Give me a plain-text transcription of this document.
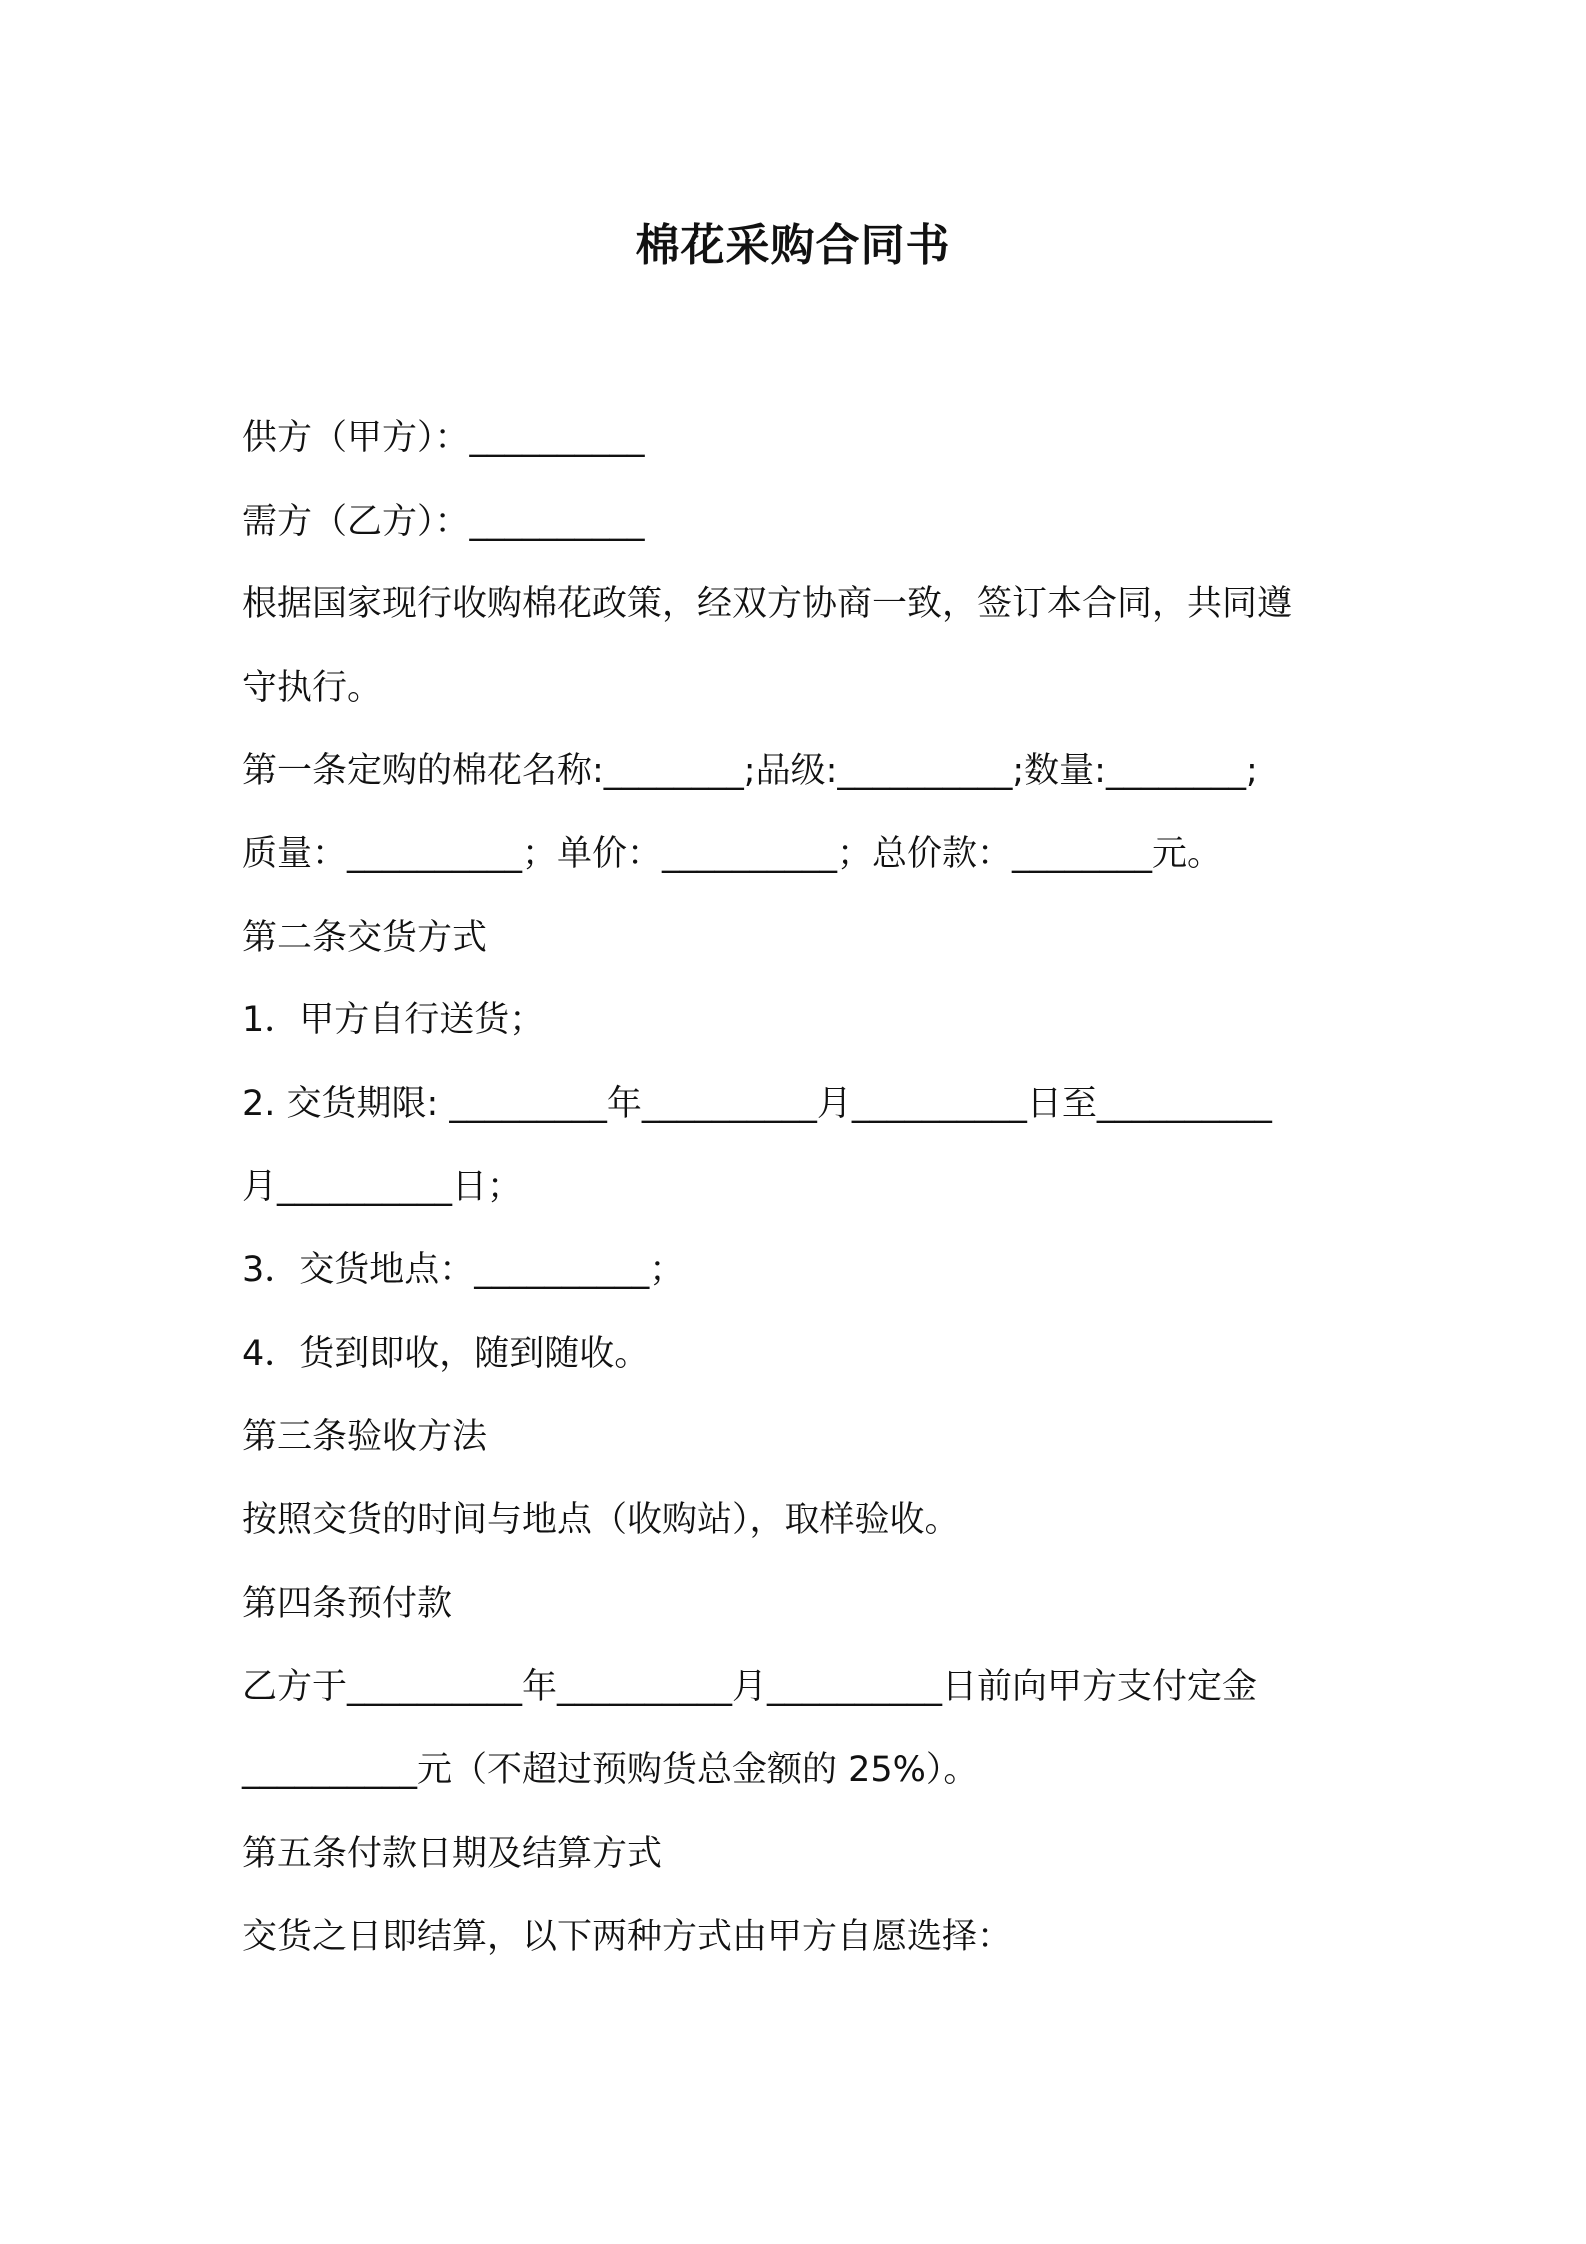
棉花采购合同书

供方（甲方）：__________

需方（乙方）：__________

根据国家现行收购棉花政策，经双方协商一致，签订本合同，共同遵

守执行。

第一条定购的棉花名称:________;品级:__________;数量:________;

质量：__________；单价：__________；总价款：________元。

第二条交货方式

1．甲方自行送货；

2. 交货期限: _________年__________月__________日至__________

月__________日；

3．交货地点：__________；

4．货到即收，随到随收。

第三条验收方法

按照交货的时间与地点（收购站），取样验收。

第四条预付款

乙方于__________年__________月__________日前向甲方支付定金

__________元（不超过预购货总金额的 25%）。

第五条付款日期及结算方式

交货之日即结算，以下两种方式由甲方自愿选择：
